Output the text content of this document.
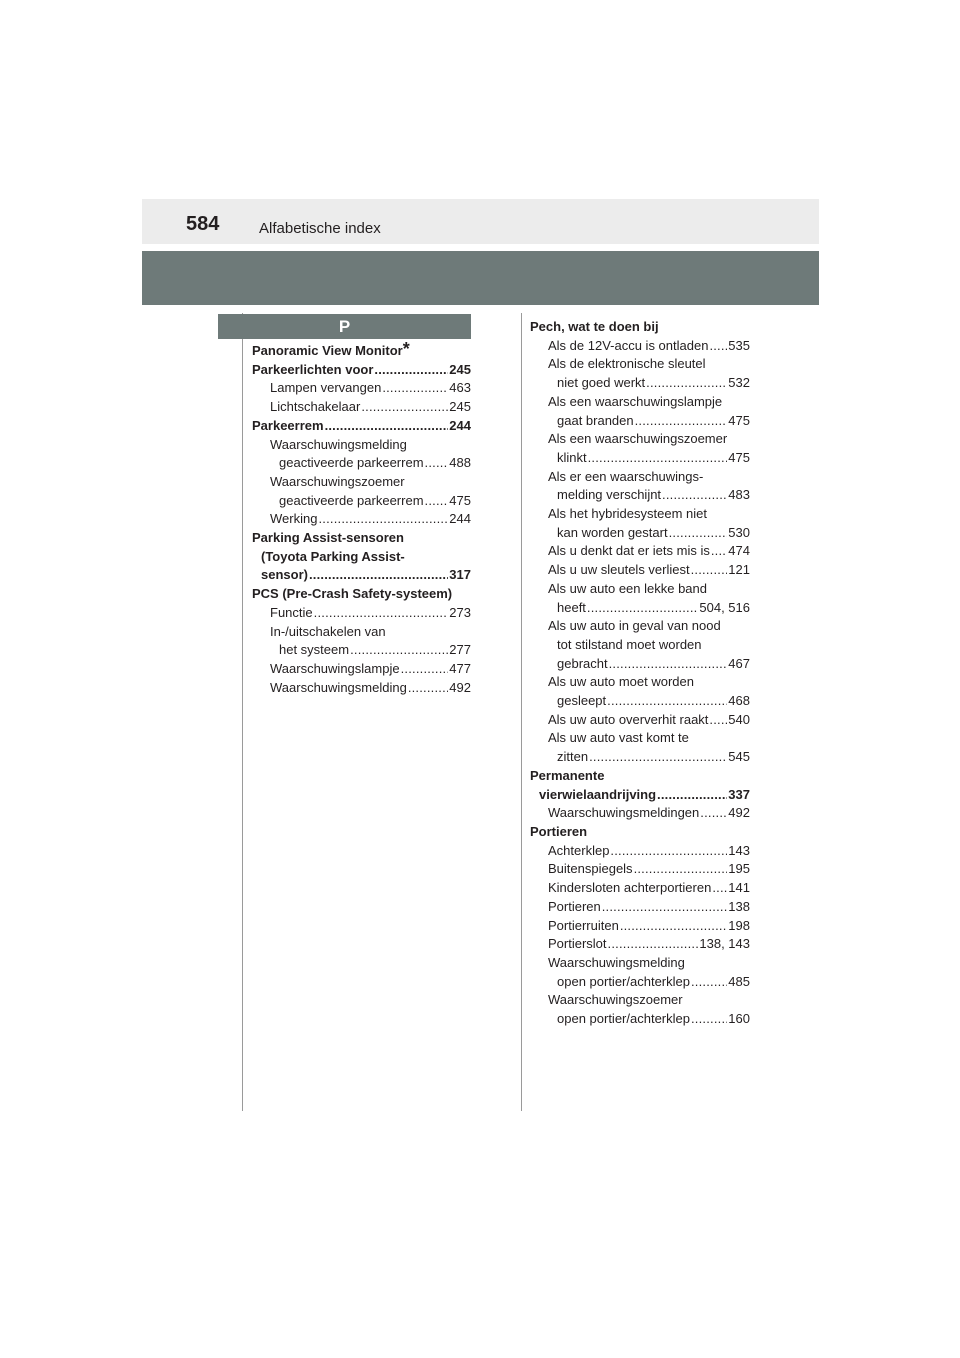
584	Alfabetische index
P
Panoramic View Monitor *
Parkeerlichten voor .....	245
Lampen vervangen .....	463
Lichtschakelaar .....	245
Parkeerrem .....	244
Waarschuwingsmelding
geactiveerde parkeerrem ..... 488
Waarschuwingszoemer
geactiveerde parkeerrem ..... 475
Werking .....	244
Parking Assist-sensoren
(Toyota Parking Assist-
sensor) .....	317
PCS (Pre-Crash Safety-systeem)
Functie .....	273
In-/uitschakelen van
het systeem .....	277
Waarschuwingslampje .....	477
Waarschuwingsmelding .....	492
Pech, wat te doen bij
Als de 12V-accu is ontladen ..... 535
Als de elektronische sleutel
niet goed werkt .....	532
Als een waarschuwingslampje
gaat branden .....	475
Als een waarschuwingszoemer
klinkt .....	475
Als er een waarschuwings-
melding verschijnt .....	483
Als het hybridesysteem niet
kan worden gestart .....	530
Als u denkt dat er iets mis is ..... 474
Als u uw sleutels verliest .....	121
Als uw auto een lekke band
heeft .....	504, 516
Als uw auto in geval van nood
tot stilstand moet worden
gebracht .....	467
Als uw auto moet worden
gesleept .....	468
Als uw auto oververhit raakt ..... 540
Als uw auto vast komt te
zitten .....	545
Permanente
vierwielaandrijving .....	337
Waarschuwingsmeldingen ..... 492
Portieren
Achterklep .....	143
Buitenspiegels .....	195
Kindersloten achterportieren ..... 141
Portieren .....	138
Portierruiten .....	198
Portierslot .....	138, 143
Waarschuwingsmelding
open portier/achterklep .....	485
Waarschuwingszoemer
open portier/achterklep .....	160
